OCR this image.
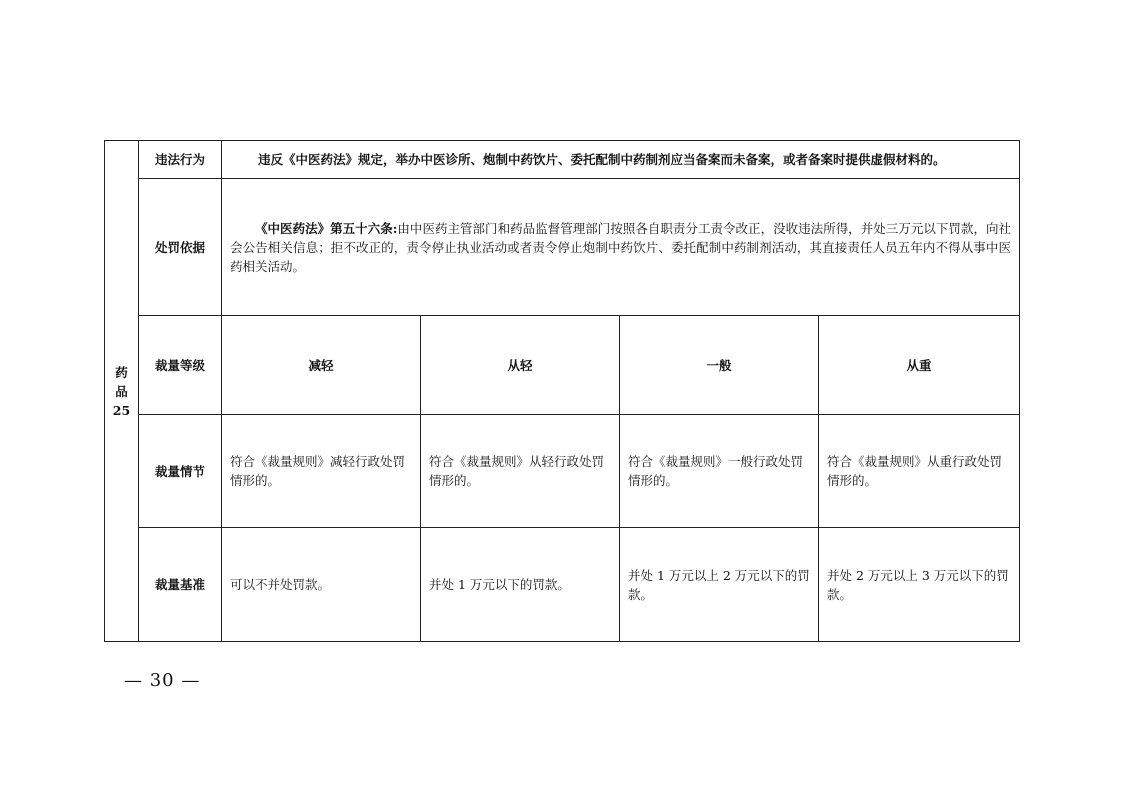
药
品
25	违法行为	违反《中医药法》规定，举办中医诊所、炮制中药饮片、委托配制中药制剂应当备案而未备案，或者备案时提供虚假材料的。			
	处罚依据	《中医药法》第五十六条:由中医药主管部门和药品监督管理部门按照各自职责分工责令改正，没收违法所得，并处三万元以下罚款，向社会公告相关信息；拒不改正的，责令停止执业活动或者责令停止炮制中药饮片、委托配制中药制剂活动，其直接责任人员五年内不得从事中医药相关活动。			
	裁量等级	减轻	从轻	一般	从重
	裁量情节	符合《裁量规则》减轻行政处罚情形的。	符合《裁量规则》从轻行政处罚情形的。	符合《裁量规则》一般行政处罚情形的。	符合《裁量规则》从重行政处罚情形的。
	裁量基准	可以不并处罚款。	并处 1 万元以下的罚款。	并处 1 万元以上 2 万元以下的罚款。	并处 2 万元以上 3 万元以下的罚款。
— 30 —
